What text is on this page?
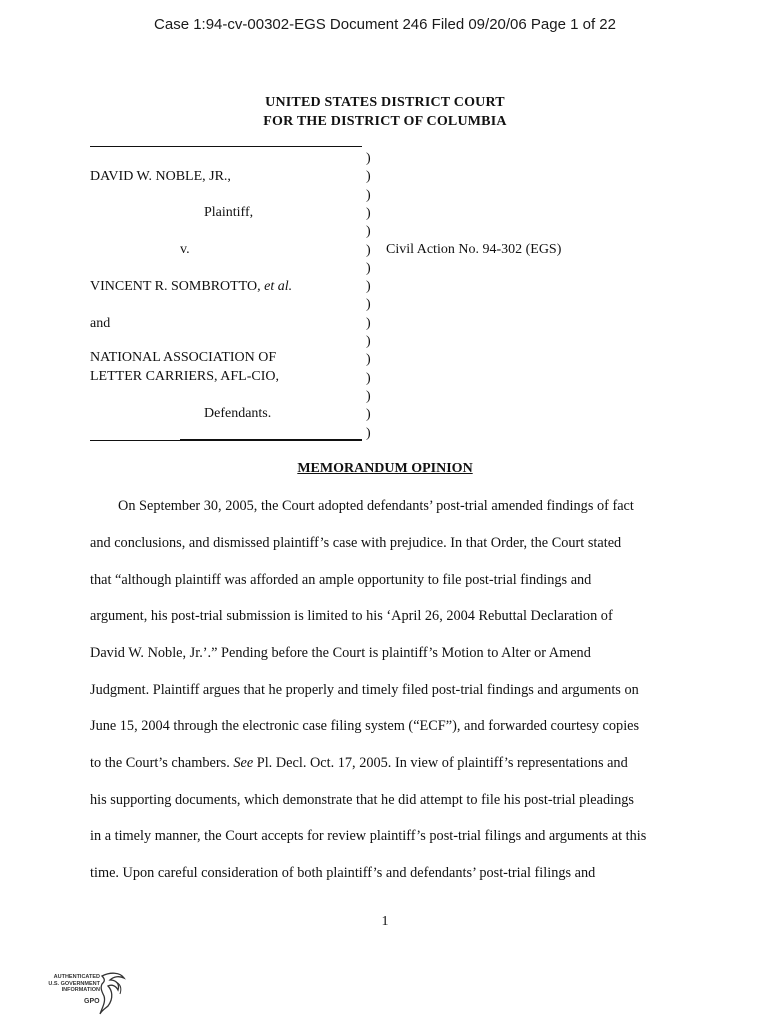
Case 1:94-cv-00302-EGS Document 246 Filed 09/20/06 Page 1 of 22
UNITED STATES DISTRICT COURT
FOR THE DISTRICT OF COLUMBIA
)
)
)
)
)
)
)
)
)
)
)
)
)
)
)
)
DAVID W. NOBLE, JR.,
Plaintiff,
v.	Civil Action No. 94-302 (EGS)
VINCENT R. SOMBROTTO, et al.
and
NATIONAL ASSOCIATION OF
LETTER CARRIERS, AFL-CIO,
Defendants.
MEMORANDUM OPINION
On September 30, 2005, the Court adopted defendants’ post-trial amended findings of fact
and conclusions, and dismissed plaintiff’s case with prejudice. In that Order, the Court stated
that “although plaintiff was afforded an ample opportunity to file post-trial findings and
argument, his post-trial submission is limited to his ‘April 26, 2004 Rebuttal Declaration of
David W. Noble, Jr.’.” Pending before the Court is plaintiff’s Motion to Alter or Amend
Judgment. Plaintiff argues that he properly and timely filed post-trial findings and arguments on
June 15, 2004 through the electronic case filing system (“ECF”), and forwarded courtesy copies
to the Court’s chambers. See Pl. Decl. Oct. 17, 2005. In view of plaintiff’s representations and
his supporting documents, which demonstrate that he did attempt to file his post-trial pleadings
in a timely manner, the Court accepts for review plaintiff’s post-trial filings and arguments at this
time. Upon careful consideration of both plaintiff’s and defendants’ post-trial filings and
1
AUTHENTICATED
U.S. GOVERNMENT
INFORMATION
GPO
